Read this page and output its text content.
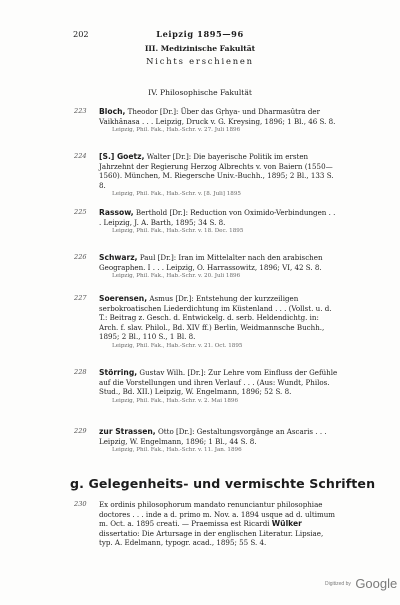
202	Leipzig 1895—96
III. Medizinische Fakultät
Nichts erschienen
IV. Philosophische Fakultät
223 Bloch, Theodor [Dr.]: Über das Gṛhya- und Dharmasûtra der Vaikhânasa . . . Leipzig, Druck v. G. Kreysing, 1896; 1 Bl., 46 S. 8.
Leipzig, Phil. Fak., Hab.-Schr. v. 27. Juli 1896
224 [S.] Goetz, Walter [Dr.]: Die bayerische Politik im ersten Jahrzehnt der Regierung Herzog Albrechts v. von Baiern (1550—1560). München, M. Riegersche Univ.-Buchh., 1895; 2 Bl., 133 S. 8.
Leipzig, Phil. Fak., Hab.-Schr. v. [8. Juli] 1895
225 Rassow, Berthold [Dr.]: Reduction von Oximido-Verbindungen . . . Leipzig, J. A. Barth, 1895; 34 S. 8.
Leipzig, Phil. Fak., Hab.-Schr. v. 18. Dec. 1895
226 Schwarz, Paul [Dr.]: Iran im Mittelalter nach den arabischen Geographen. I . . . Leipzig, O. Harrassowitz, 1896; VI, 42 S. 8.
Leipzig, Phil. Fak., Hab.-Schr. v. 20. Juli 1896
227 Soerensen, Asmus [Dr.]: Entstehung der kurzzeiligen serbokroatischen Liederdichtung im Küstenland . . . (Vollst. u. d. T.: Beitrag z. Gesch. d. Entwickelg. d. serb. Heldendichtg. in: Arch. f. slav. Philol., Bd. XIV ff.) Berlin, Weidmannsche Buchh., 1895; 2 Bl., 110 S., 1 Bl. 8.
Leipzig, Phil. Fak., Hab.-Schr. v. 21. Oct. 1895
228 Störring, Gustav Wilh. [Dr.]: Zur Lehre vom Einfluss der Gefühle auf die Vorstellungen und ihren Verlauf . . . (Aus: Wundt, Philos. Stud., Bd. XII.) Leipzig, W. Engelmann, 1896; 52 S. 8.
Leipzig, Phil. Fak., Hab.-Schr. v. 2. Mai 1896
229 zur Strassen, Otto [Dr.]: Gestaltungsvorgänge an Ascaris . . . Leipzig, W. Engelmann, 1896; 1 Bl., 44 S. 8.
Leipzig, Phil. Fak., Hab.-Schr. v. 11. Jan. 1896
g. Gelegenheits- und vermischte Schriften
230 Ex ordinis philosophorum mandato renunciantur philosophiae doctores . . . inde a d. primo m. Nov. a. 1894 usque ad d. ultimum m. Oct. a. 1895 creati. — Praemissa est Ricardi Wülker dissertatio: Die Artursage in der englischen Literatur. Lipsiae, typ. A. Edelmann, typogr. acad., 1895; 55 S. 4.
Digitized by Google
